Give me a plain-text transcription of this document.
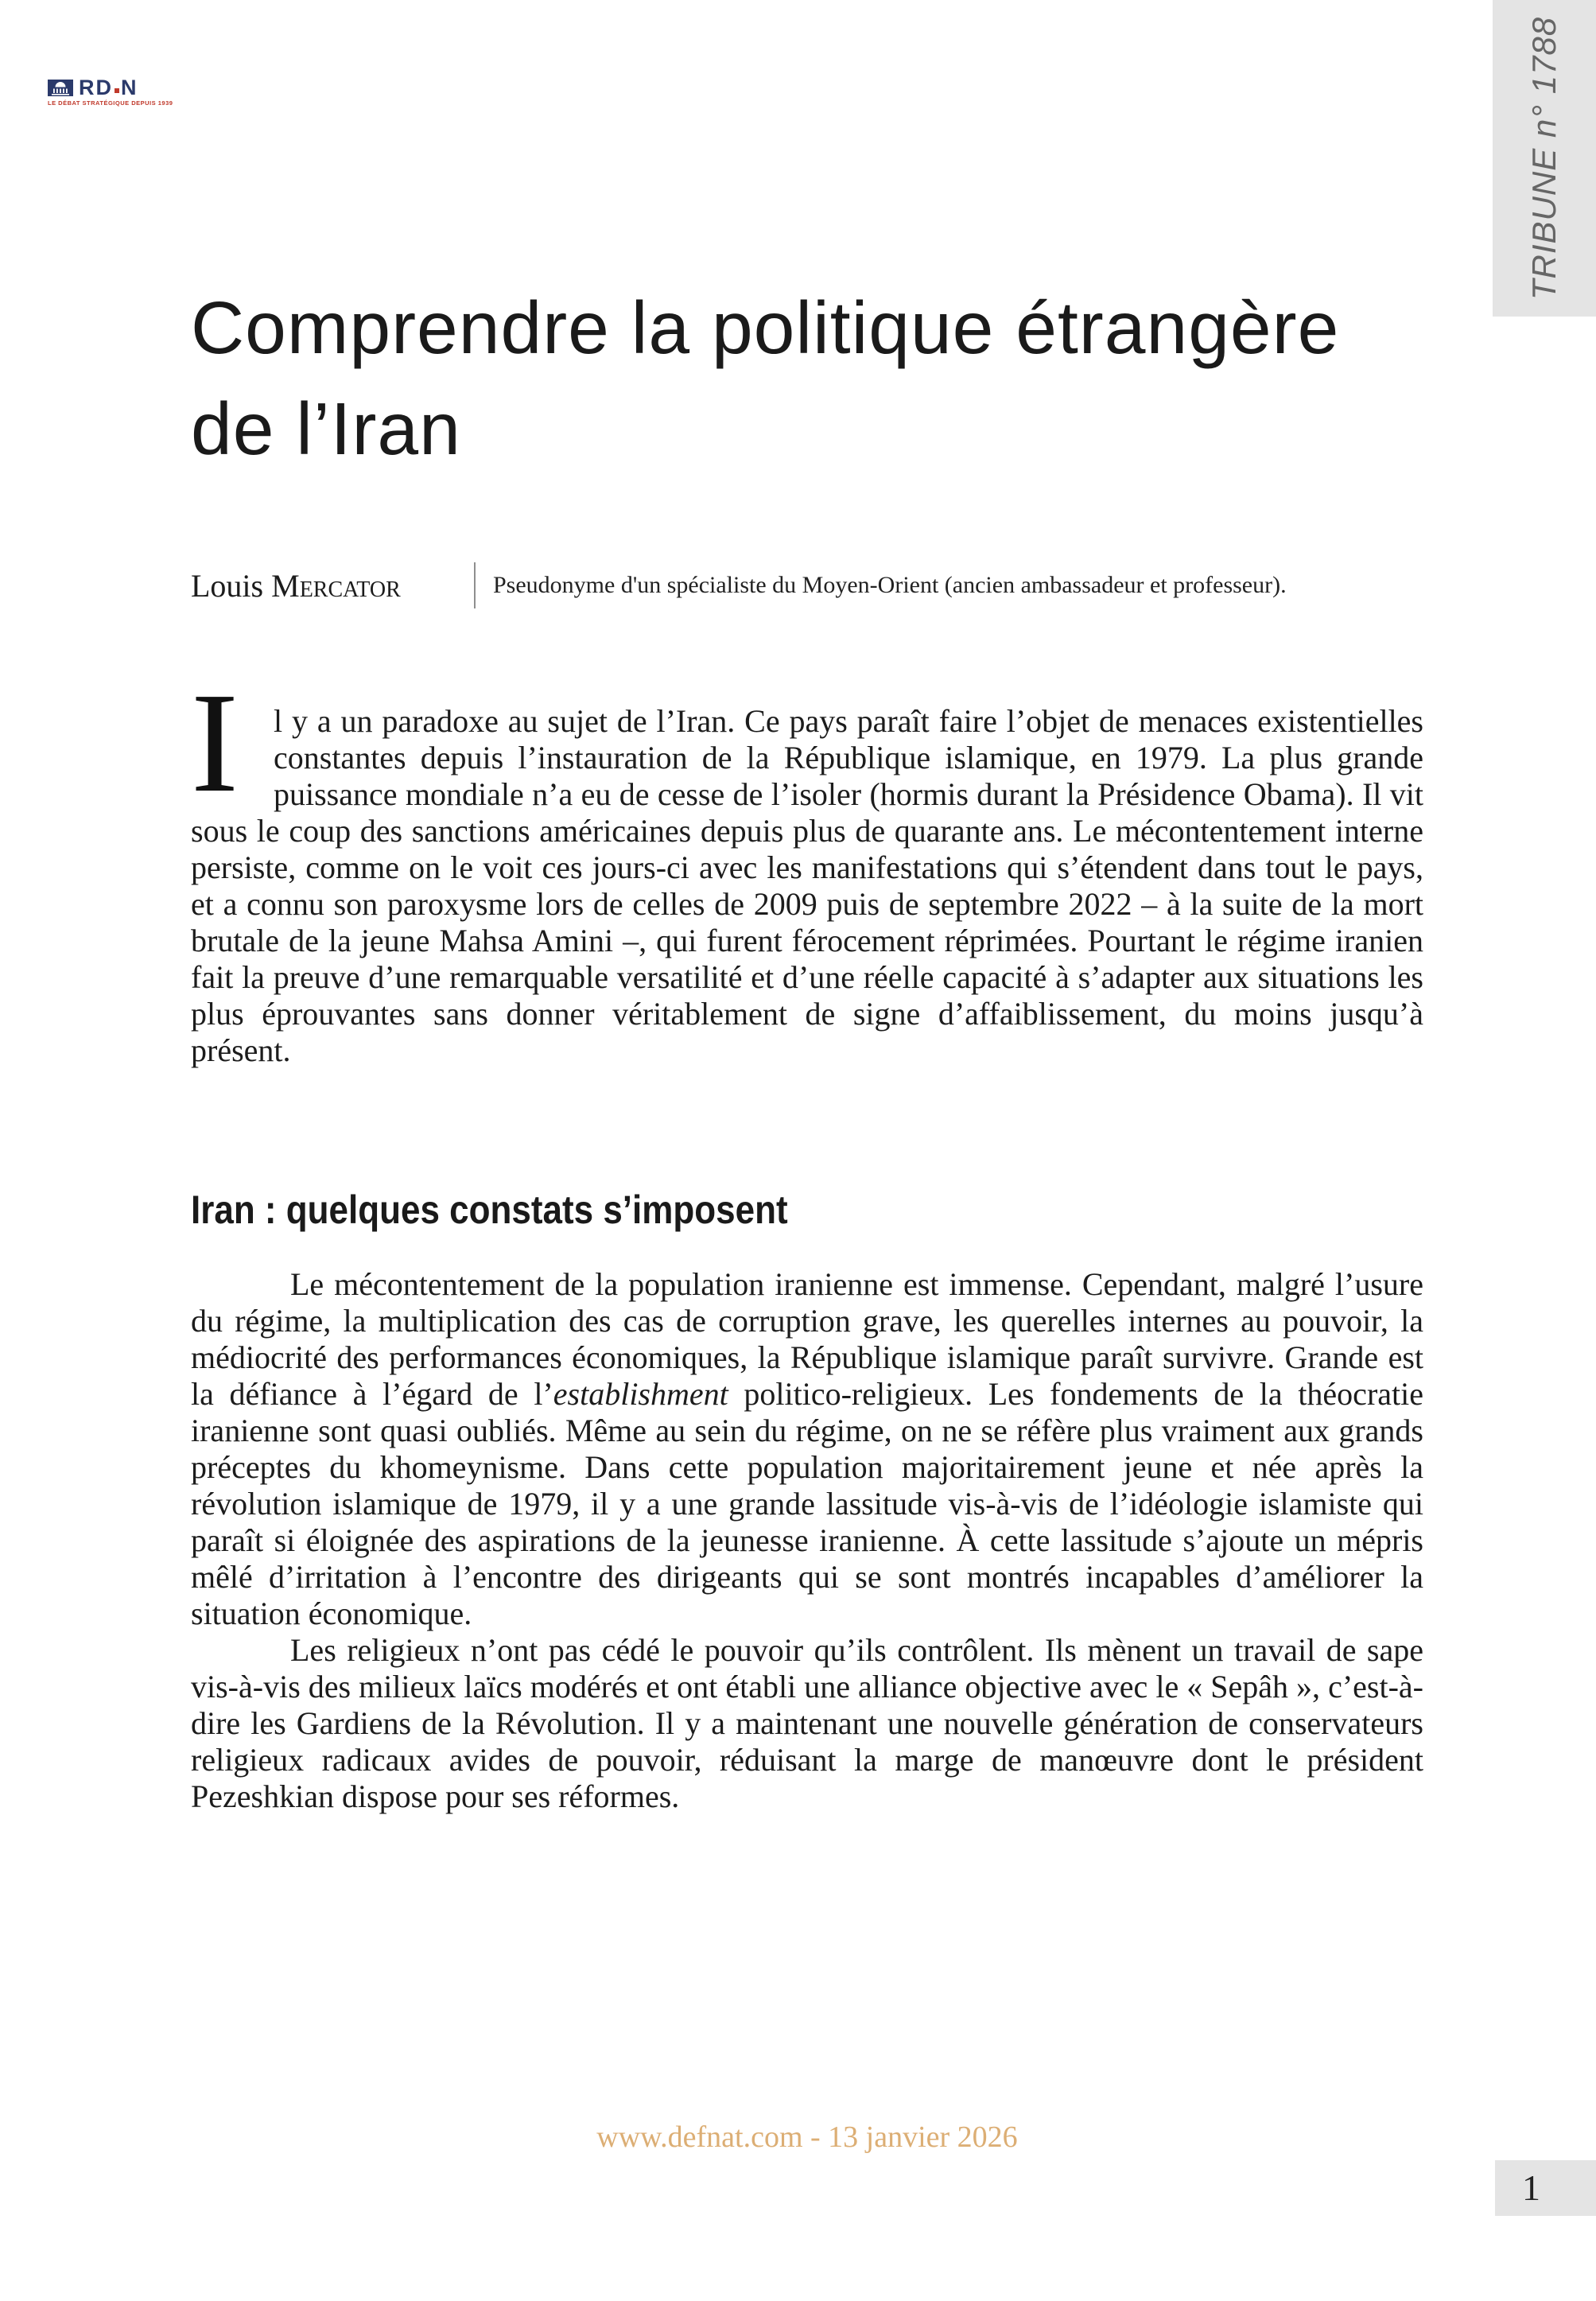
TRIBUNE n° 1788
RD N
LE DÉBAT STRATÉGIQUE DEPUIS 1939
Comprendre la politique étrangère de l’Iran
Louis Mercator	Pseudonyme d'un spécialiste du Moyen-Orient (ancien ambassadeur et professeur).

I	l y a un paradoxe au sujet de l’Iran. Ce pays paraît faire l’objet de menaces existentielles constantes depuis l’instauration de la République islamique, en 1979. La plus grande puissance mondiale n’a eu de cesse de l’isoler (hormis durant la Présidence Obama). Il vit sous le coup des sanctions américaines depuis plus de quarante ans. Le mécontentement interne persiste, comme on le voit ces jours-ci avec les manifestations qui s’étendent dans tout le pays, et a connu son paroxysme lors de celles de 2009 puis de septembre 2022 – à la suite de la mort brutale de la jeune Mahsa Amini –, qui furent férocement réprimées. Pourtant le régime iranien fait la preuve d’une remarquable versatilité et d’une réelle capacité à s’adapter aux situations les plus éprouvantes sans donner véritablement de signe d’affaiblissement, du moins jusqu’à présent.

Iran : quelques constats s’imposent

Le mécontentement de la population iranienne est immense. Cependant, malgré l’usure du régime, la multiplication des cas de corruption grave, les querelles internes au pouvoir, la médiocrité des performances économiques, la République islamique paraît survivre. Grande est la défiance à l’égard de l’establishment politico-religieux. Les fondements de la théocratie iranienne sont quasi oubliés. Même au sein du régime, on ne se réfère plus vraiment aux grands préceptes du khomeynisme. Dans cette population majoritairement jeune et née après la révolution islamique de 1979, il y a une grande lassitude vis-à-vis de l’idéologie islamiste qui paraît si éloignée des aspirations de la jeunesse iranienne. À cette lassitude s’ajoute un mépris mêlé d’irritation à l’encontre des dirigeants qui se sont montrés incapables d’améliorer la situation économique.

Les religieux n’ont pas cédé le pouvoir qu’ils contrôlent. Ils mènent un travail de sape vis-à-vis des milieux laïcs modérés et ont établi une alliance objective avec le « Sepâh », c’est-à-dire les Gardiens de la Révolution. Il y a maintenant une nouvelle génération de conservateurs religieux radicaux avides de pouvoir, réduisant la marge de manœuvre dont le président Pezeshkian dispose pour ses réformes.

www.defnat.com - 13 janvier 2026
1
